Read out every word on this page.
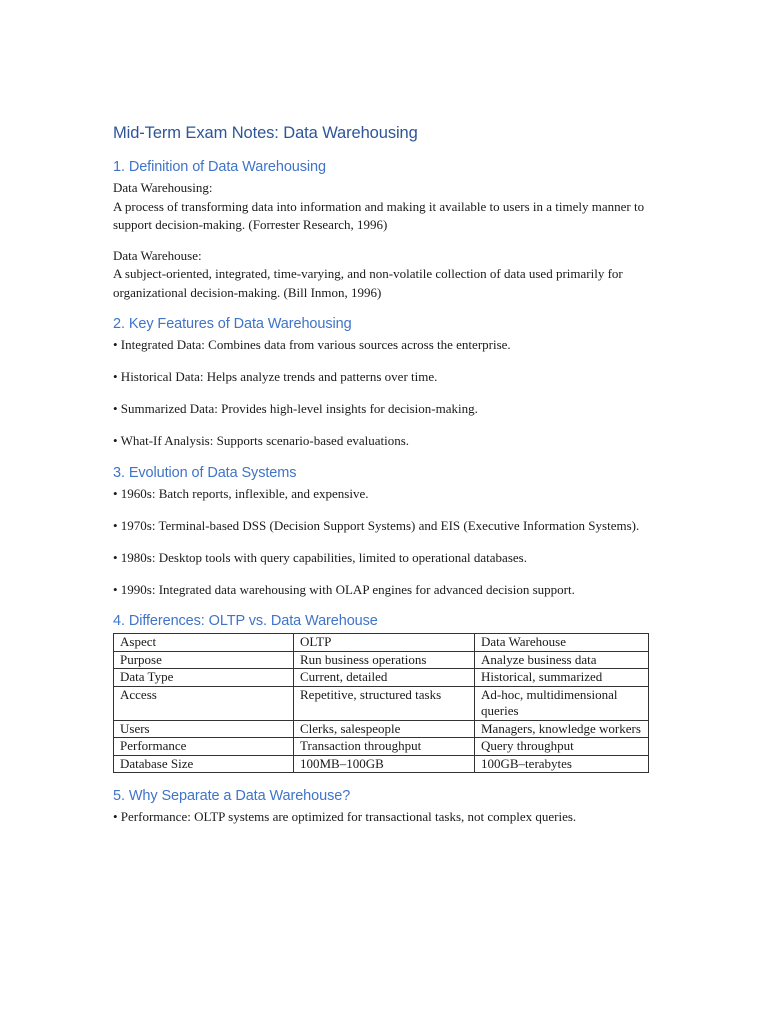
Mid-Term Exam Notes: Data Warehousing
1. Definition of Data Warehousing

Data Warehousing:

A process of transforming data into information and making it available to users in a timely manner to support decision-making. (Forrester Research, 1996)

Data Warehouse:

A subject-oriented, integrated, time-varying, and non-volatile collection of data used primarily for organizational decision-making. (Bill Inmon, 1996)

2. Key Features of Data Warehousing

• Integrated Data: Combines data from various sources across the enterprise.

• Historical Data: Helps analyze trends and patterns over time.

• Summarized Data: Provides high-level insights for decision-making.

• What-If Analysis: Supports scenario-based evaluations.

3. Evolution of Data Systems

• 1960s: Batch reports, inflexible, and expensive.

• 1970s: Terminal-based DSS (Decision Support Systems) and EIS (Executive Information Systems).

• 1980s: Desktop tools with query capabilities, limited to operational databases.

• 1990s: Integrated data warehousing with OLAP engines for advanced decision support.

4. Differences: OLTP vs. Data Warehouse
Aspect	OLTP	Data Warehouse
Purpose	Run business operations	Analyze business data
Data Type	Current, detailed	Historical, summarized
Access	Repetitive, structured tasks	Ad-hoc, multidimensional queries
Users	Clerks, salespeople	Managers, knowledge workers
Performance	Transaction throughput	Query throughput
Database Size	100MB–100GB	100GB–terabytes
5. Why Separate a Data Warehouse?

• Performance: OLTP systems are optimized for transactional tasks, not complex queries.
